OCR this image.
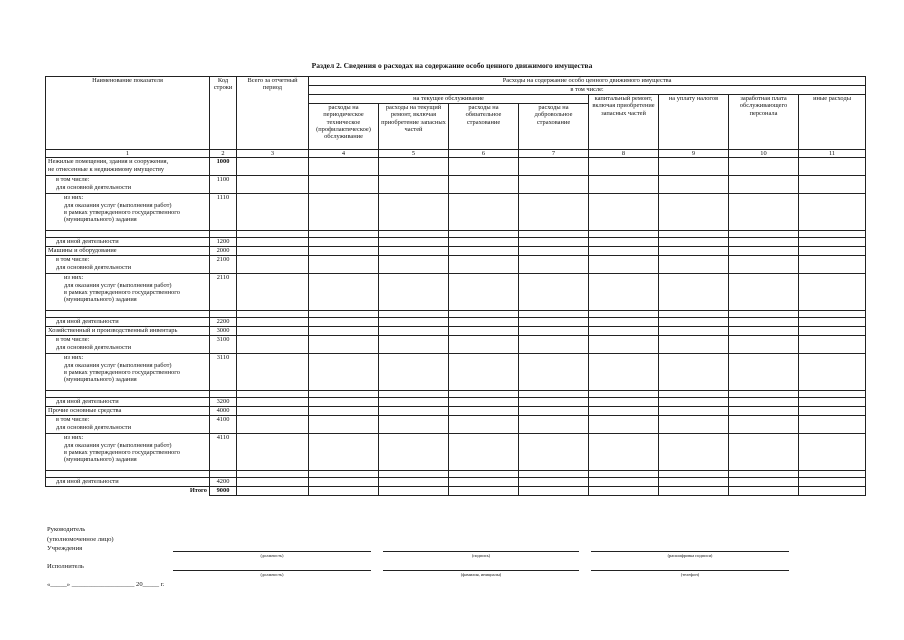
Раздел 2. Сведения о расходах на содержание особо ценного движимого имущества
Наименование показателя	Код строки	Всего за отчетный период	Расходы на содержание особо ценного движимого имущества							
			в том числе:							
			на текущее обслуживание				капитальный ремонт, включая приобретение запасных частей	на уплату налогов	заработная плата обслуживающего персонала	иные расходы
			расходы на периодическое техническое (профилактическое) обслуживание	расходы на текущий ремонт, включая приобретение запасных частей	расходы на обязательное страхование	расходы на добровольное страхование				
1	2	3	4	5	6	7	8	9	10	11
Нежилые помещения, здания и сооружения,
не отнесенные к недвижимому имуществу	1000									
в том числе:
для основной деятельности	1100									
из них:
для оказания услуг (выполнения работ)
в рамках утвержденного государственного
(муниципального) задания	1110									

для иной деятельности	1200									
Машины и оборудование	2000									
в том числе:
для основной деятельности	2100									
из них:
для оказания услуг (выполнения работ)
в рамках утвержденного государственного
(муниципального) задания	2110									

для иной деятельности	2200									
Хозяйственный и производственный инвентарь	3000									
в том числе:
для основной деятельности	3100									
из них:
для оказания услуг (выполнения работ)
в рамках утвержденного государственного
(муниципального) задания	3110									

для иной деятельности	3200									
Прочие основные средства	4000									
в том числе:
для основной деятельности	4100									
из них:
для оказания услуг (выполнения работ)
в рамках утвержденного государственного
(муниципального) задания	4110									

для иной деятельности	4200									
Итого	9000									
Руководитель
(уполномоченное лицо)
Учреждения
(должность)	(подпись)	(расшифровка подписи)
Исполнитель
(должность)	(фамилия, инициалы)	(телефон)
«_____» ___________________ 20_____ г.
